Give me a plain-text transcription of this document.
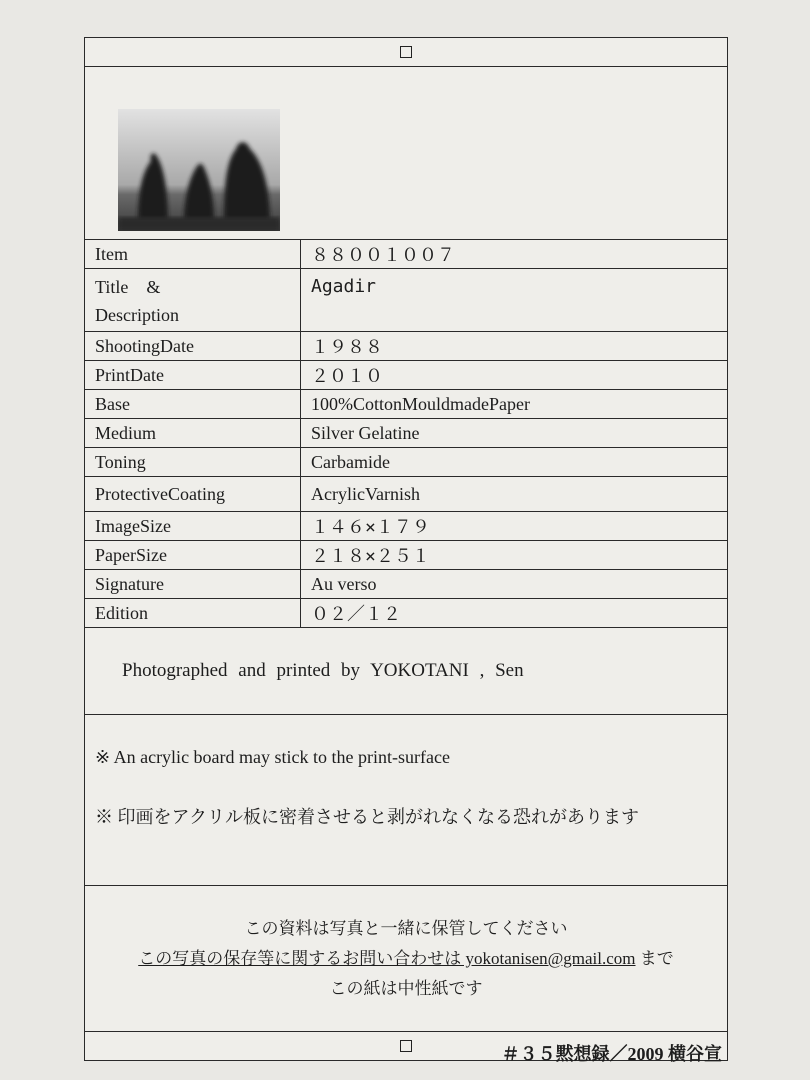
Item	８８００１００７
Title　&
Description	Agadir
ShootingDate	１９８８
PrintDate	２０１０
Base	100%CottonMouldmadePaper
Medium	Silver Gelatine
Toning	Carbamide
ProtectiveCoating	AcrylicVarnish
ImageSize	１４６×１７９
PaperSize	２１８×２５１
Signature	Au verso
Edition	０２／１２
Photographed and printed by YOKOTANI , Sen
※ An acrylic board may stick to the print-surface
※ 印画をアクリル板に密着させると剥がれなくなる恐れがあります
この資料は写真と一緒に保管してください
この写真の保存等に関するお問い合わせは yokotanisen@gmail.com まで
この紙は中性紙です
＃３５黙想録／2009 横谷宣
